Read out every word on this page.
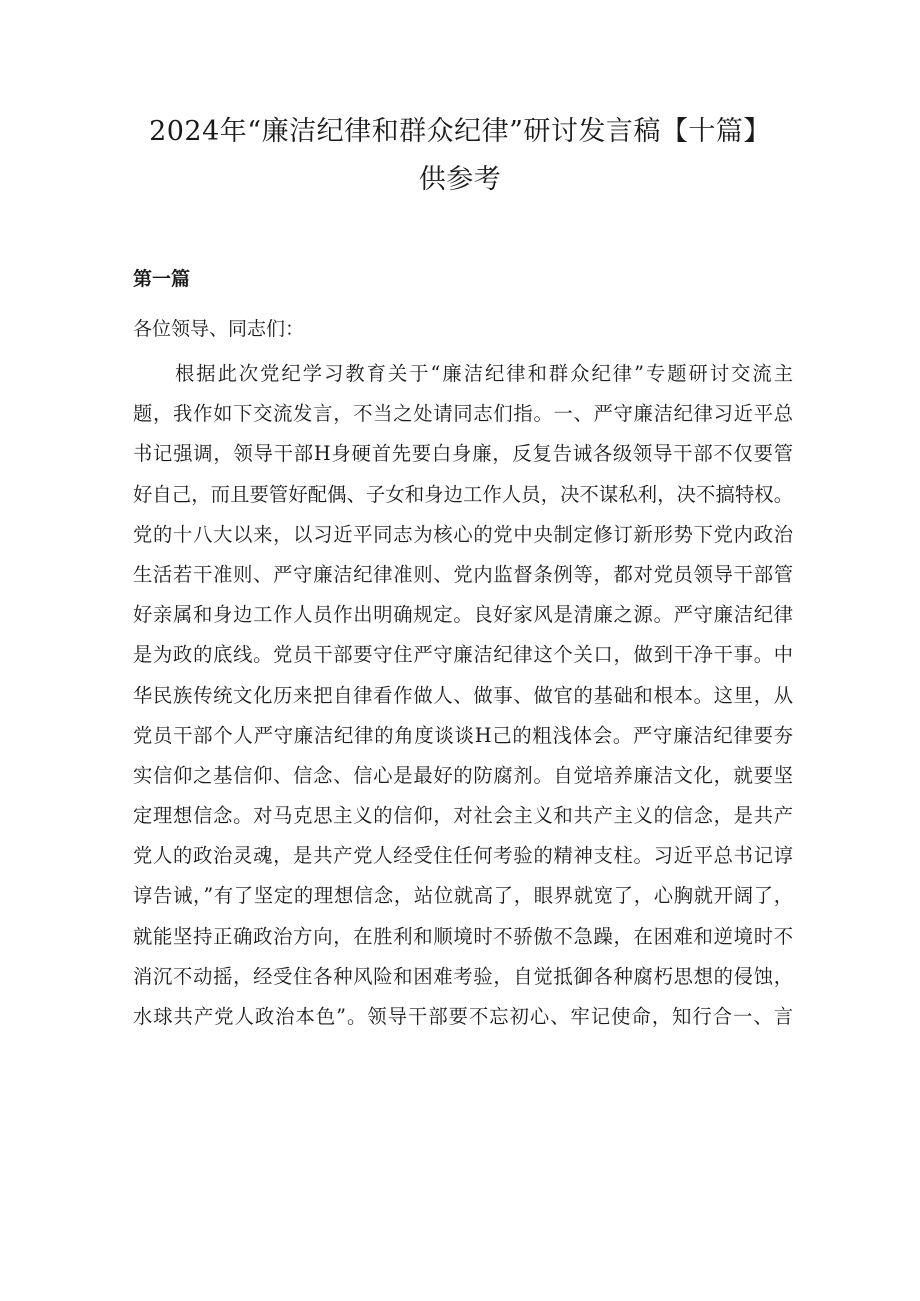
2024年“廉洁纪律和群众纪律”研讨发言稿【十篇】
供参考
第一篇
各位领导、同志们：
根据此次党纪学习教育关于“廉洁纪律和群众纪律”专题研讨交流主
题，我作如下交流发言，不当之处请同志们指。一、严守廉洁纪律习近平总
书记强调，领导干部H身硬首先要白身廉，反复告诫各级领导干部不仅要管
好自己，而且要管好配偶、子女和身边工作人员，决不谋私利，决不搞特权。
党的十八大以来，以习近平同志为核心的党中央制定修订新形势下党内政治
生活若干准则、严守廉洁纪律准则、党内监督条例等，都对党员领导干部管
好亲属和身边工作人员作出明确规定。良好家风是清廉之源。严守廉洁纪律
是为政的底线。党员干部要守住严守廉洁纪律这个关口，做到干净干事。中
华民族传统文化历来把自律看作做人、做事、做官的基础和根本。这里，从
党员干部个人严守廉洁纪律的角度谈谈H己的粗浅体会。严守廉洁纪律要夯
实信仰之基信仰、信念、信心是最好的防腐剂。自觉培养廉洁文化，就要坚
定理想信念。对马克思主义的信仰，对社会主义和共产主义的信念，是共产
党人的政治灵魂，是共产党人经受住任何考验的精神支柱。习近平总书记谆
谆告诫，”有了坚定的理想信念，站位就高了，眼界就宽了，心胸就开阔了，
就能坚持正确政治方向，在胜利和顺境时不骄傲不急躁，在困难和逆境时不
消沉不动摇，经受住各种风险和困难考验，自觉抵御各种腐朽思想的侵蚀，
水球共产党人政治本色”。领导干部要不忘初心、牢记使命，知行合一、言
